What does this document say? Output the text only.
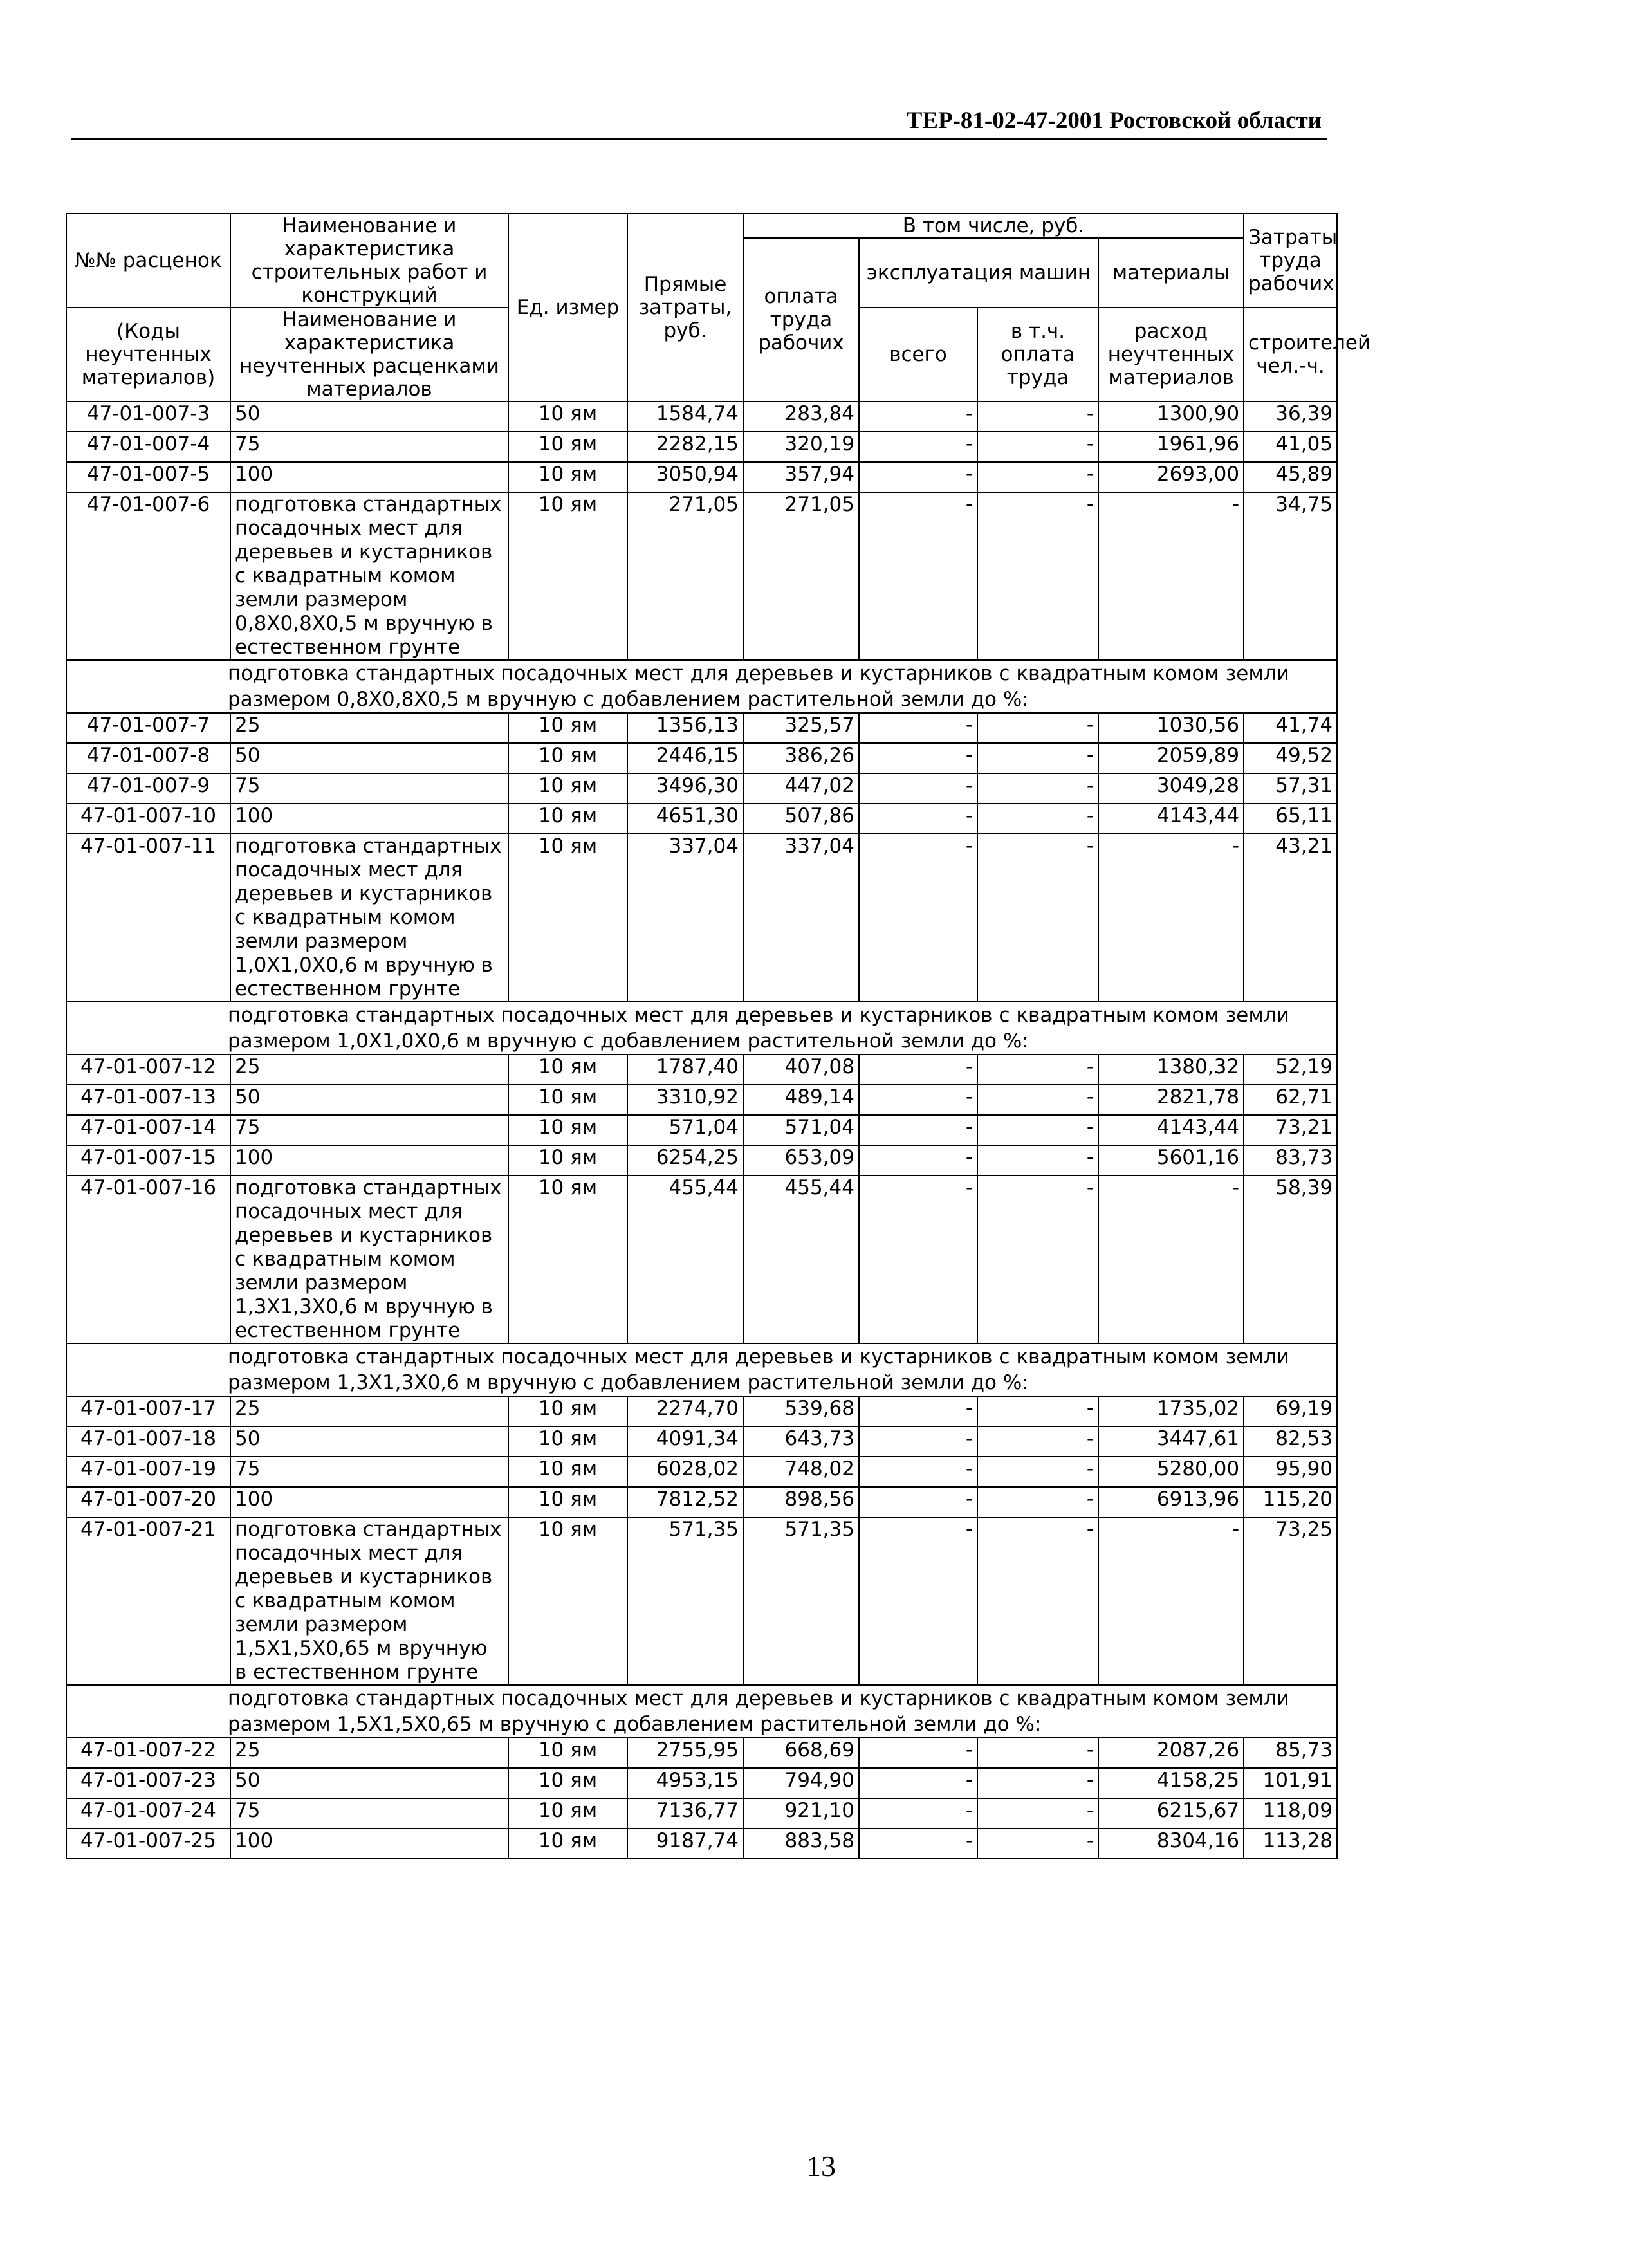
ТЕР-81-02-47-2001 Ростовской области
№№ расценок	Наименование и характеристика строительных работ и конструкций	Ед. измер	Прямые затраты, руб.	В том числе, руб.				Затраты труда рабочих
				оплата труда рабочих	эксплуатация машин		материалы	
(Коды неучтенных материалов)	Наименование и характеристика неучтенных расценками материалов				всего	в т.ч. оплата труда	расход неучтенных материалов	строителей чел.-ч.

47-01-007-3	50	10 ям	1584,74	283,84	-	-	1300,90	36,39
47-01-007-4	75	10 ям	2282,15	320,19	-	-	1961,96	41,05
47-01-007-5	100	10 ям	3050,94	357,94	-	-	2693,00	45,89
47-01-007-6	подготовка стандартных посадочных мест для деревьев и кустарников с квадратным комом земли размером 0,8Х0,8Х0,5 м вручную в естественном грунте	10 ям	271,05	271,05	-	-	-	34,75
подготовка стандартных посадочных мест для деревьев и кустарников с квадратным комом земли размером 0,8Х0,8Х0,5 м вручную с добавлением растительной земли до %:								
47-01-007-7	25	10 ям	1356,13	325,57	-	-	1030,56	41,74
47-01-007-8	50	10 ям	2446,15	386,26	-	-	2059,89	49,52
47-01-007-9	75	10 ям	3496,30	447,02	-	-	3049,28	57,31
47-01-007-10	100	10 ям	4651,30	507,86	-	-	4143,44	65,11
47-01-007-11	подготовка стандартных посадочных мест для деревьев и кустарников с квадратным комом земли размером 1,0Х1,0Х0,6 м вручную в естественном грунте	10 ям	337,04	337,04	-	-	-	43,21
подготовка стандартных посадочных мест для деревьев и кустарников с квадратным комом земли размером 1,0Х1,0Х0,6 м вручную с добавлением растительной земли до %:								
47-01-007-12	25	10 ям	1787,40	407,08	-	-	1380,32	52,19
47-01-007-13	50	10 ям	3310,92	489,14	-	-	2821,78	62,71
47-01-007-14	75	10 ям	571,04	571,04	-	-	4143,44	73,21
47-01-007-15	100	10 ям	6254,25	653,09	-	-	5601,16	83,73
47-01-007-16	подготовка стандартных посадочных мест для деревьев и кустарников с квадратным комом земли размером 1,3Х1,3Х0,6 м вручную в естественном грунте	10 ям	455,44	455,44	-	-	-	58,39
подготовка стандартных посадочных мест для деревьев и кустарников с квадратным комом земли размером 1,3Х1,3Х0,6 м вручную с добавлением растительной земли до %:								
47-01-007-17	25	10 ям	2274,70	539,68	-	-	1735,02	69,19
47-01-007-18	50	10 ям	4091,34	643,73	-	-	3447,61	82,53
47-01-007-19	75	10 ям	6028,02	748,02	-	-	5280,00	95,90
47-01-007-20	100	10 ям	7812,52	898,56	-	-	6913,96	115,20
47-01-007-21	подготовка стандартных посадочных мест для деревьев и кустарников с квадратным комом земли размером 1,5Х1,5Х0,65 м вручную в естественном грунте	10 ям	571,35	571,35	-	-	-	73,25
подготовка стандартных посадочных мест для деревьев и кустарников с квадратным комом земли размером 1,5Х1,5Х0,65 м вручную с добавлением растительной земли до %:								
47-01-007-22	25	10 ям	2755,95	668,69	-	-	2087,26	85,73
47-01-007-23	50	10 ям	4953,15	794,90	-	-	4158,25	101,91
47-01-007-24	75	10 ям	7136,77	921,10	-	-	6215,67	118,09
47-01-007-25	100	10 ям	9187,74	883,58	-	-	8304,16	113,28
13
